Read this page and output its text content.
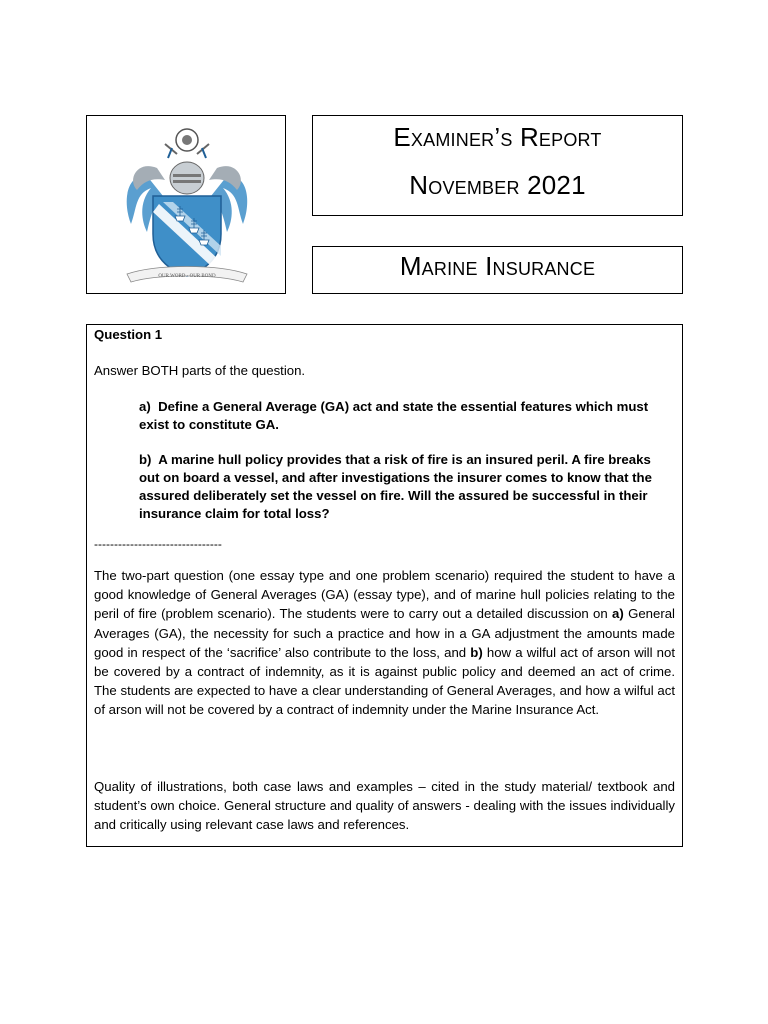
OUR WORD · OUR BOND
Examiner’s Report
November 2021
Marine Insurance
Question 1
Answer BOTH parts of the question.
a) Define a General Average (GA) act and state the essential features which must exist to constitute GA.
b) A marine hull policy provides that a risk of fire is an insured peril. A fire breaks out on board a vessel, and after investigations the insurer comes to know that the assured deliberately set the vessel on fire. Will the assured be successful in their insurance claim for total loss?
--------------------------------
The two-part question (one essay type and one problem scenario) required the student to have a good knowledge of General Averages (GA) (essay type), and of marine hull policies relating to the peril of fire (problem scenario). The students were to carry out a detailed discussion on a) General Averages (GA), the necessity for such a practice and how in a GA adjustment the amounts made good in respect of the ‘sacrifice’ also contribute to the loss, and b) how a wilful act of arson will not be covered by a contract of indemnity, as it is against public policy and deemed an act of crime. The students are expected to have a clear understanding of General Averages, and how a wilful act of arson will not be covered by a contract of indemnity under the Marine Insurance Act.
Quality of illustrations, both case laws and examples – cited in the study material/ textbook and student’s own choice. General structure and quality of answers - dealing with the issues individually and critically using relevant case laws and references.
